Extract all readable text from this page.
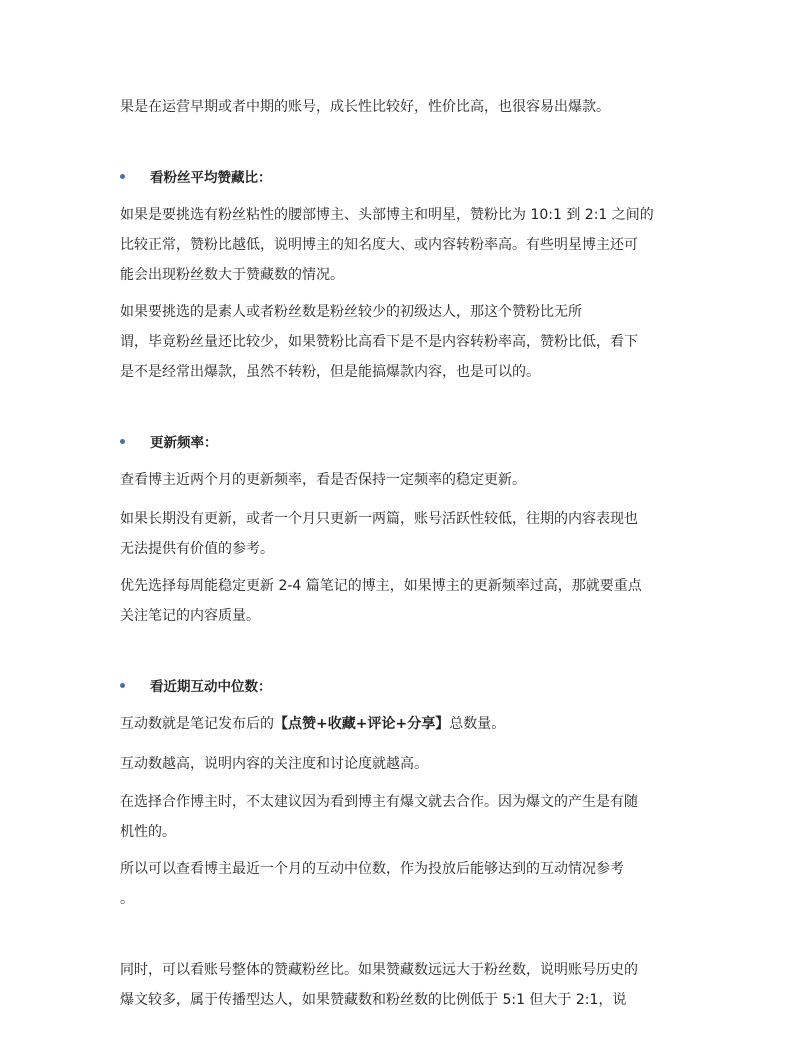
果是在运营早期或者中期的账号，成长性比较好，性价比高，也很容易出爆款。
看粉丝平均赞藏比：
如果是要挑选有粉丝粘性的腰部博主、头部博主和明星，赞粉比为 10:1 到 2:1 之间的
比较正常，赞粉比越低，说明博主的知名度大、或内容转粉率高。有些明星博主还可
能会出现粉丝数大于赞藏数的情况。
如果要挑选的是素人或者粉丝数是粉丝较少的初级达人，那这个赞粉比无所
谓，毕竟粉丝量还比较少，如果赞粉比高看下是不是内容转粉率高，赞粉比低，看下
是不是经常出爆款，虽然不转粉，但是能搞爆款内容，也是可以的。
更新频率：
查看博主近两个月的更新频率，看是否保持一定频率的稳定更新。
如果长期没有更新，或者一个月只更新一两篇，账号活跃性较低，往期的内容表现也
无法提供有价值的参考。
优先选择每周能稳定更新 2-4 篇笔记的博主，如果博主的更新频率过高，那就要重点
关注笔记的内容质量。
看近期互动中位数：
互动数就是笔记发布后的【点赞+收藏+评论+分享】总数量。
互动数越高，说明内容的关注度和讨论度就越高。
在选择合作博主时，不太建议因为看到博主有爆文就去合作。因为爆文的产生是有随
机性的。
所以可以查看博主最近一个月的互动中位数，作为投放后能够达到的互动情况参考
。
同时，可以看账号整体的赞藏粉丝比。如果赞藏数远远大于粉丝数，说明账号历史的
爆文较多，属于传播型达人，如果赞藏数和粉丝数的比例低于 5:1 但大于 2:1，说
